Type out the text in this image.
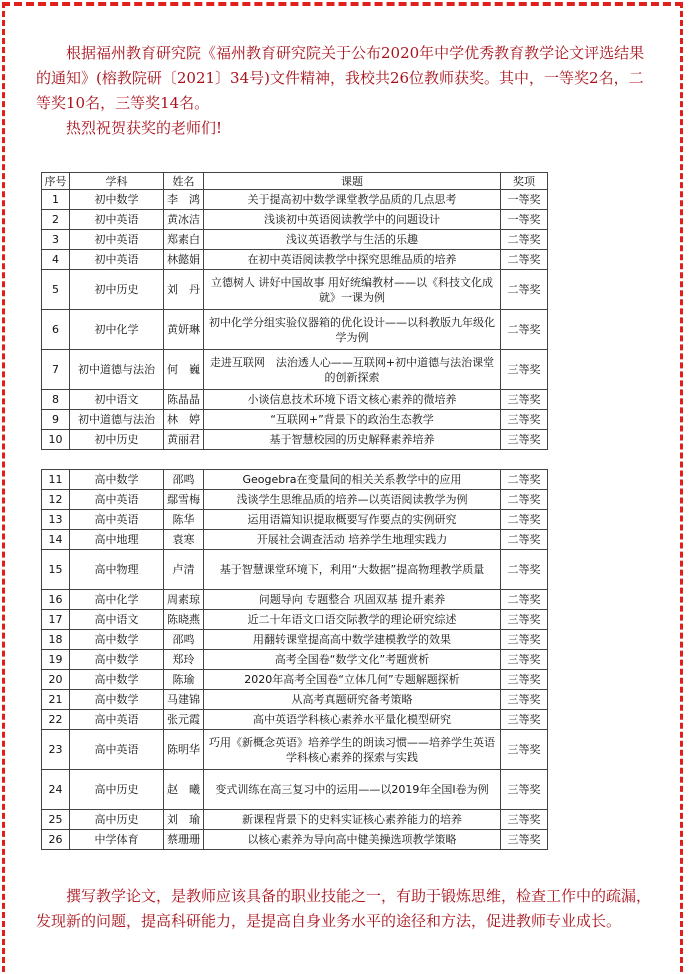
根据福州教育研究院《福州教育研究院关于公布2020年中学优秀教育教学论文评选结果的通知》(榕教院研〔2021〕34号)文件精神，我校共26位教师获奖。其中，一等奖2名，二等奖10名，三等奖14名。

热烈祝贺获奖的老师们!

序号	学科	姓名	课题	奖项
1	初中数学	李　鸿	关于提高初中数学课堂教学品质的几点思考	一等奖
2	初中英语	黄冰洁	浅谈初中英语阅读教学中的问题设计	一等奖
3	初中英语	郑素白	浅议英语教学与生活的乐趣	二等奖
4	初中英语	林懿娟	在初中英语阅读教学中探究思维品质的培养	二等奖
5	初中历史	刘　丹	立德树人 讲好中国故事 用好统编教材——以《科技文化成就》一课为例	二等奖
6	初中化学	黄妍琳	初中化学分组实验仪器箱的优化设计——以科教版九年级化学为例	二等奖
7	初中道德与法治	何　巍	走进互联网　法治透人心——互联网+初中道德与法治课堂的创新探索	三等奖
8	初中语文	陈晶晶	小谈信息技术环境下语文核心素养的微培养	三等奖
9	初中道德与法治	林　婷	“互联网+”背景下的政治生态教学	三等奖
10	初中历史	黄丽君	基于智慧校园的历史解释素养培养	三等奖

11	高中数学	邵鸣	Geogebra在变量间的相关关系教学中的应用	二等奖
12	高中英语	鄢雪梅	浅谈学生思维品质的培养—以英语阅读教学为例	二等奖
13	高中英语	陈华	运用语篇知识提取概要写作要点的实例研究	二等奖
14	高中地理	袁寒	开展社会调查活动 培养学生地理实践力	二等奖
15	高中物理	卢清	基于智慧课堂环境下，利用“大数据”提高物理教学质量	二等奖
16	高中化学	周素琼	问题导向 专题整合 巩固双基 提升素养	二等奖
17	高中语文	陈晓燕	近二十年语文口语交际教学的理论研究综述	三等奖
18	高中数学	邵鸣	用翻转课堂提高高中数学建模教学的效果	三等奖
19	高中数学	郑玲	高考全国卷“数学文化”考题赏析	三等奖
20	高中数学	陈瑜	2020年高考全国卷“立体几何”专题解题探析	三等奖
21	高中数学	马建锦	从高考真题研究备考策略	三等奖
22	高中英语	张元霞	高中英语学科核心素养水平量化模型研究	三等奖
23	高中英语	陈明华	巧用《新概念英语》培养学生的朗读习惯——培养学生英语学科核心素养的探索与实践	三等奖
24	高中历史	赵　曦	变式训练在高三复习中的运用——以2019年全国I卷为例	三等奖
25	高中历史	刘　瑜	新课程背景下的史料实证核心素养能力的培养	三等奖
26	中学体育	蔡珊珊	以核心素养为导向高中健美操选项教学策略	三等奖

撰写教学论文，是教师应该具备的职业技能之一，有助于锻炼思维，检查工作中的疏漏，发现新的问题，提高科研能力，是提高自身业务水平的途径和方法，促进教师专业成长。
